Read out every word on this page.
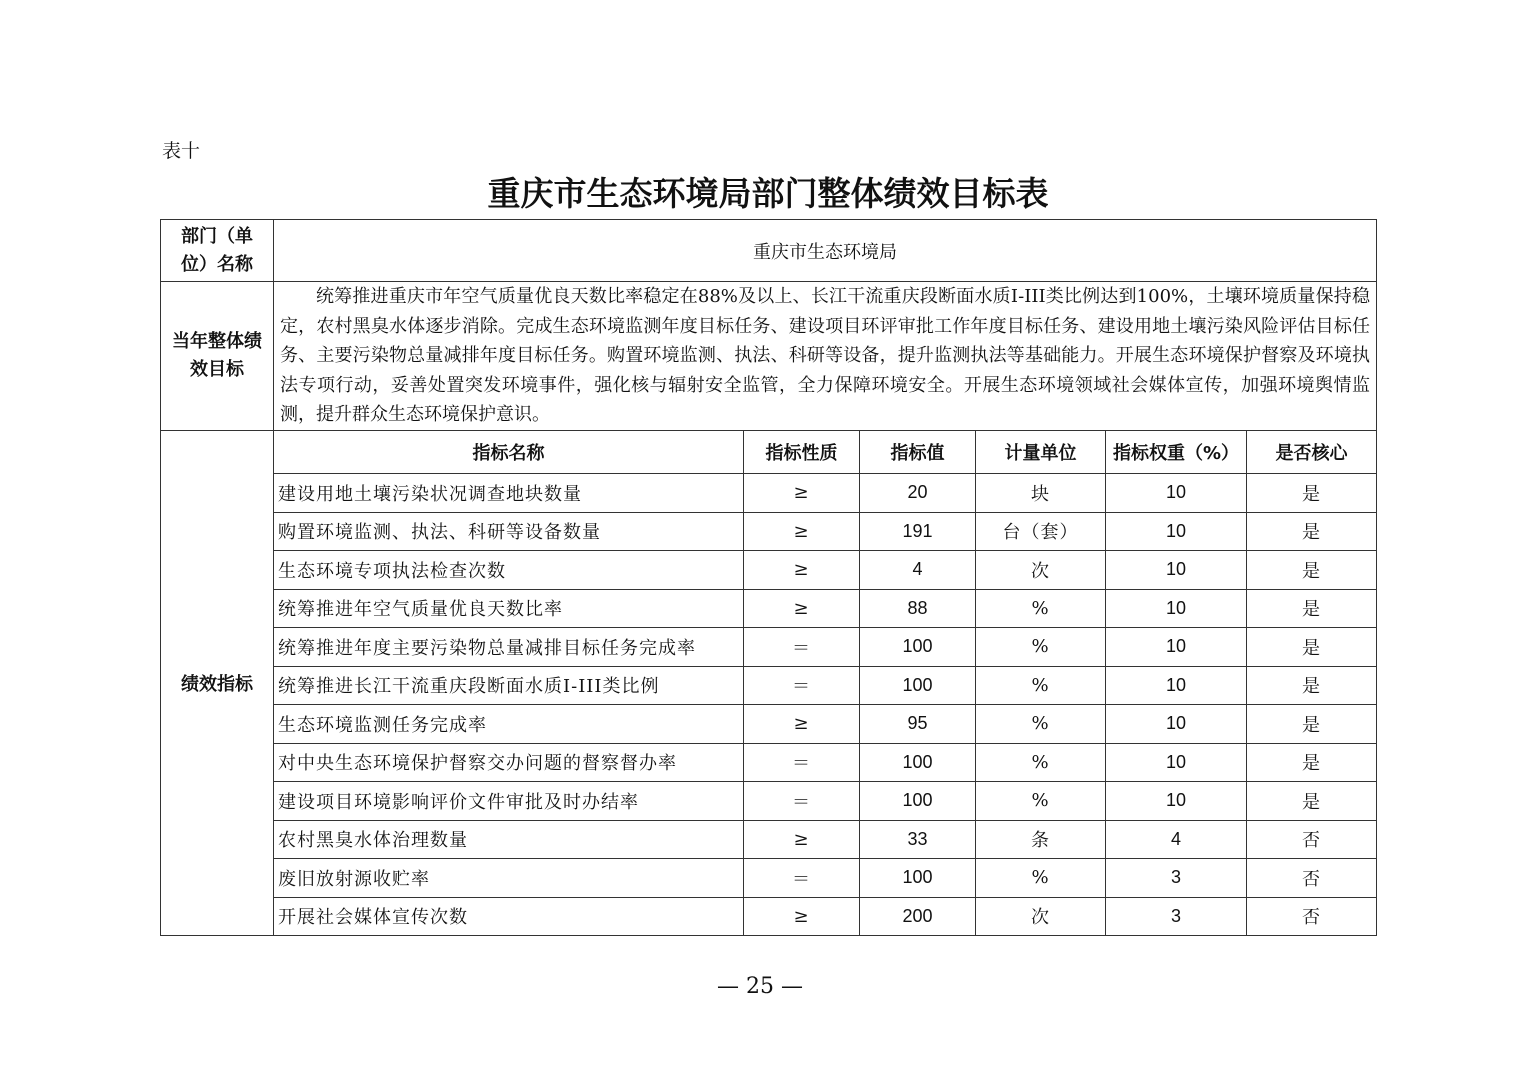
表十
重庆市生态环境局部门整体绩效目标表
部门（单
位）名称	重庆市生态环境局					

当年整体绩
效目标	统筹推进重庆市年空气质量优良天数比率稳定在88%及以上、长江干流重庆段断面水质Ⅰ-III类比例达到100%，土壤环境质量保持稳定，农村黑臭水体逐步消除。完成生态环境监测年度目标任务、建设项目环评审批工作年度目标任务、建设用地土壤污染风险评估目标任务、主要污染物总量减排年度目标任务。购置环境监测、执法、科研等设备，提升监测执法等基础能力。开展生态环境保护督察及环境执法专项行动，妥善处置突发环境事件，强化核与辐射安全监管，全力保障环境安全。开展生态环境领域社会媒体宣传，加强环境舆情监测，提升群众生态环境保护意识。					

绩效指标	指标名称	指标性质	指标值	计量单位	指标权重（%）	是否核心
	建设用地土壤污染状况调查地块数量	≥	20	块	10	是
	购置环境监测、执法、科研等设备数量	≥	191	台（套）	10	是
	生态环境专项执法检查次数	≥	4	次	10	是
	统筹推进年空气质量优良天数比率	≥	88	%	10	是
	统筹推进年度主要污染物总量减排目标任务完成率	＝	100	%	10	是
	统筹推进长江干流重庆段断面水质Ⅰ-III类比例	＝	100	%	10	是
	生态环境监测任务完成率	≥	95	%	10	是
	对中央生态环境保护督察交办问题的督察督办率	＝	100	%	10	是
	建设项目环境影响评价文件审批及时办结率	＝	100	%	10	是
	农村黑臭水体治理数量	≥	33	条	4	否
	废旧放射源收贮率	＝	100	%	3	否
	开展社会媒体宣传次数	≥	200	次	3	否
— 25 —
